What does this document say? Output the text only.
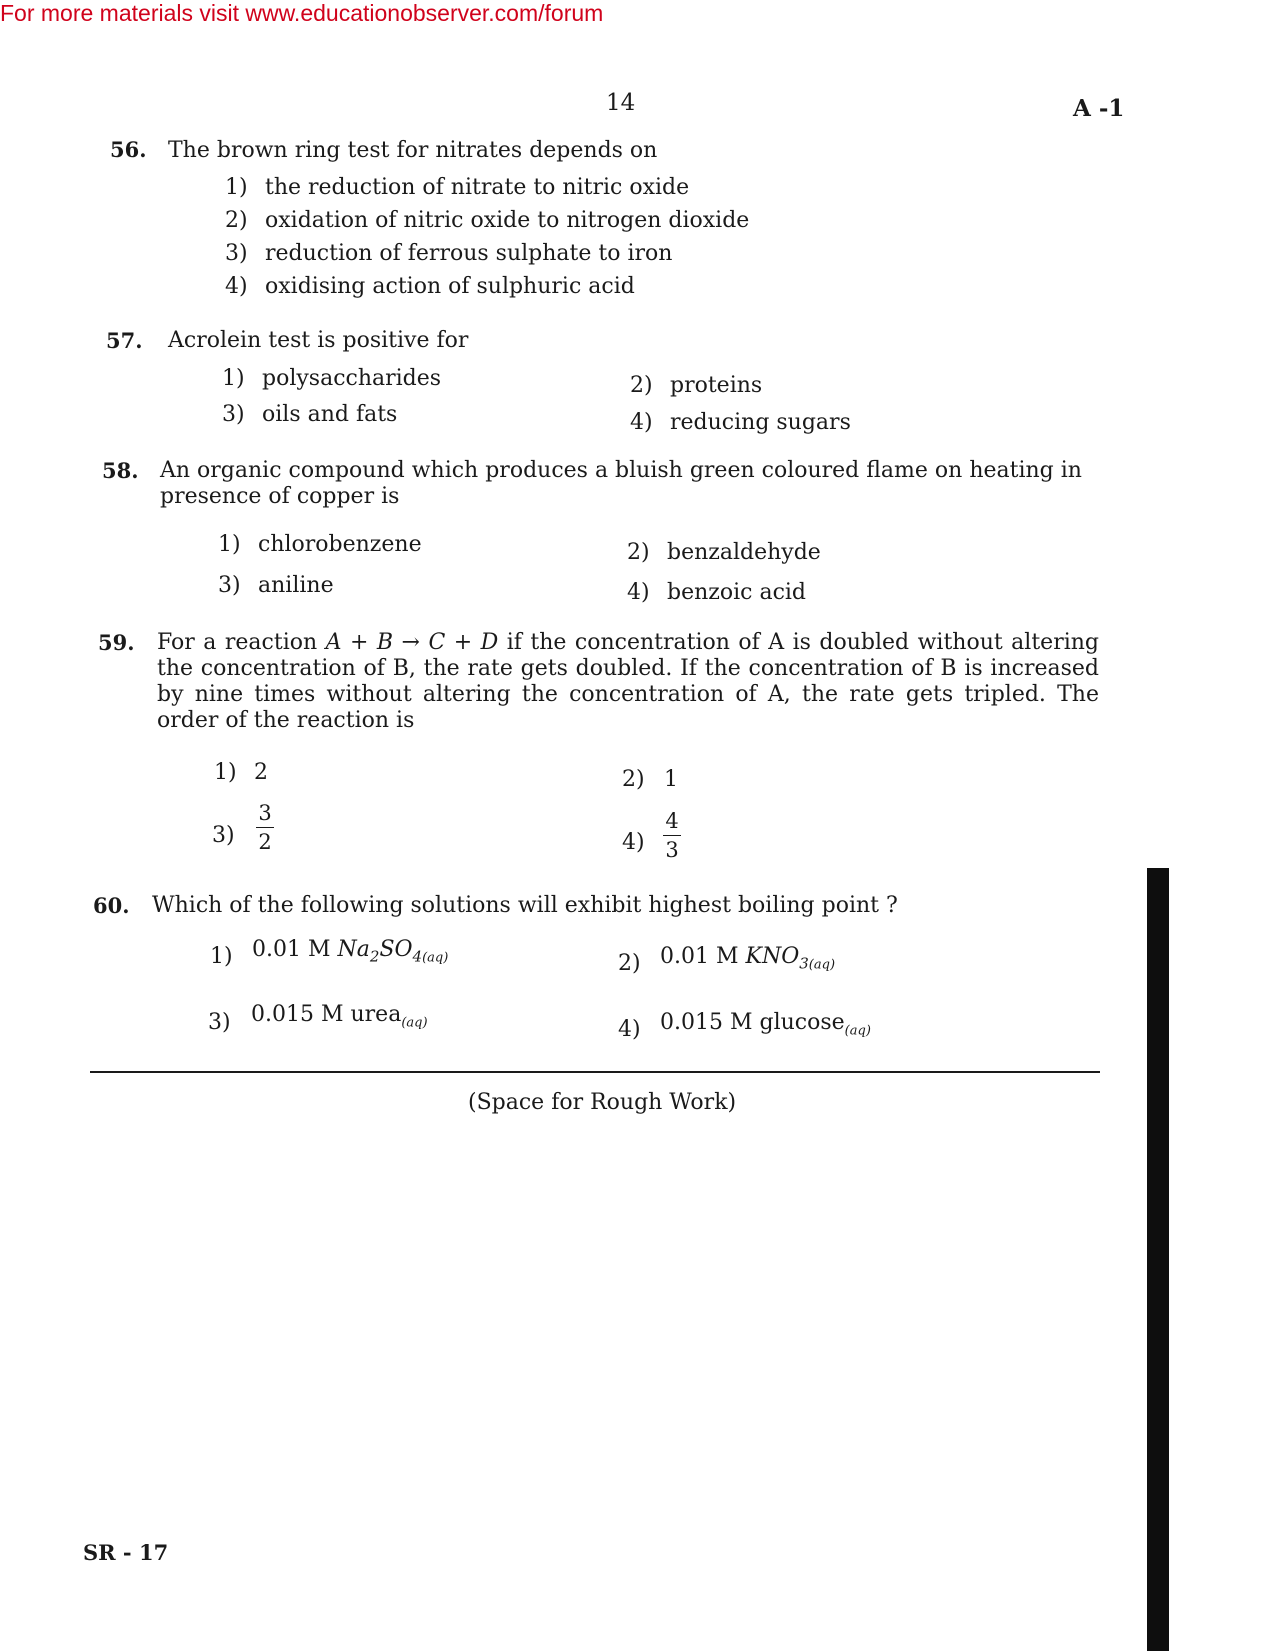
For more materials visit www.educationobserver.com/forum
14	A -1
56. The brown ring test for nitrates depends on
1) the reduction of nitrate to nitric oxide
2) oxidation of nitric oxide to nitrogen dioxide
3) reduction of ferrous sulphate to iron
4) oxidising action of sulphuric acid
57. Acrolein test is positive for
1) polysaccharides	2) proteins
3) oils and fats	4) reducing sugars
58. An organic compound which produces a bluish green coloured flame on heating in presence of copper is
1) chlorobenzene	2) benzaldehyde
3) aniline	4) benzoic acid
59. For a reaction A + B → C + D if the concentration of A is doubled without altering the concentration of B, the rate gets doubled. If the concentration of B is increased by nine times without altering the concentration of A, the rate gets tripled. The order of the reaction is
1) 2	2) 1
$3) \frac{3}{2}$	$4) \frac{4}{3}$
60. Which of the following solutions will exhibit highest boiling point ?
1) 0.01 M $Na_2SO_{4(aq)}$	2) 0.01 M $KNO_{3(aq)}$
3) 0.015 M urea$_{(aq)}$	4) 0.015 M glucose$_{(aq)}$
(Space for Rough Work)
SR - 17
